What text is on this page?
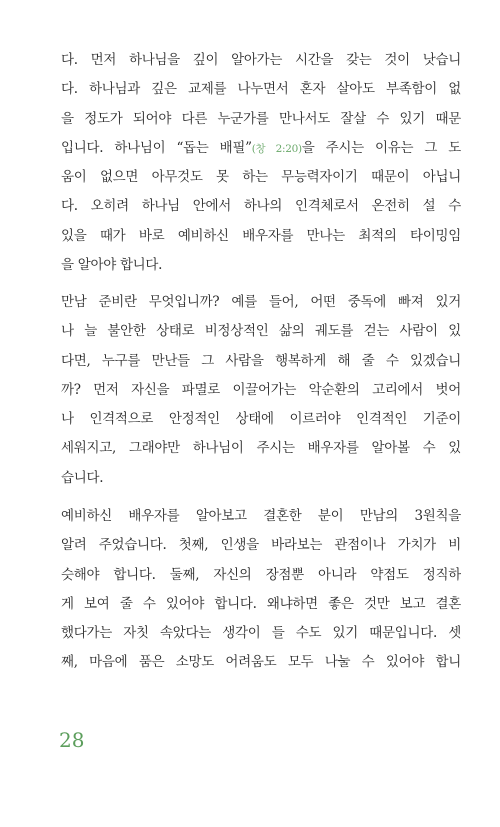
다. 먼저 하나님을 깊이 알아가는 시간을 갖는 것이 낫습니
다. 하나님과 깊은 교제를 나누면서 혼자 살아도 부족함이 없
을 정도가 되어야 다른 누군가를 만나서도 잘살 수 있기 때문
입니다. 하나님이 “돕는 배필”(창 2:20)을 주시는 이유는 그 도
움이 없으면 아무것도 못 하는 무능력자이기 때문이 아닙니
다. 오히려 하나님 안에서 하나의 인격체로서 온전히 설 수
있을 때가 바로 예비하신 배우자를 만나는 최적의 타이밍임
을 알아야 합니다.
만남 준비란 무엇입니까? 예를 들어, 어떤 중독에 빠져 있거
나 늘 불안한 상태로 비정상적인 삶의 궤도를 걷는 사람이 있
다면, 누구를 만난들 그 사람을 행복하게 해 줄 수 있겠습니
까? 먼저 자신을 파멸로 이끌어가는 악순환의 고리에서 벗어
나 인격적으로 안정적인 상태에 이르러야 인격적인 기준이
세워지고, 그래야만 하나님이 주시는 배우자를 알아볼 수 있
습니다.
예비하신 배우자를 알아보고 결혼한 분이 만남의 3원칙을
알려 주었습니다. 첫째, 인생을 바라보는 관점이나 가치가 비
슷해야 합니다. 둘째, 자신의 장점뿐 아니라 약점도 정직하
게 보여 줄 수 있어야 합니다. 왜냐하면 좋은 것만 보고 결혼
했다가는 자칫 속았다는 생각이 들 수도 있기 때문입니다. 셋
째, 마음에 품은 소망도 어려움도 모두 나눌 수 있어야 합니
28
